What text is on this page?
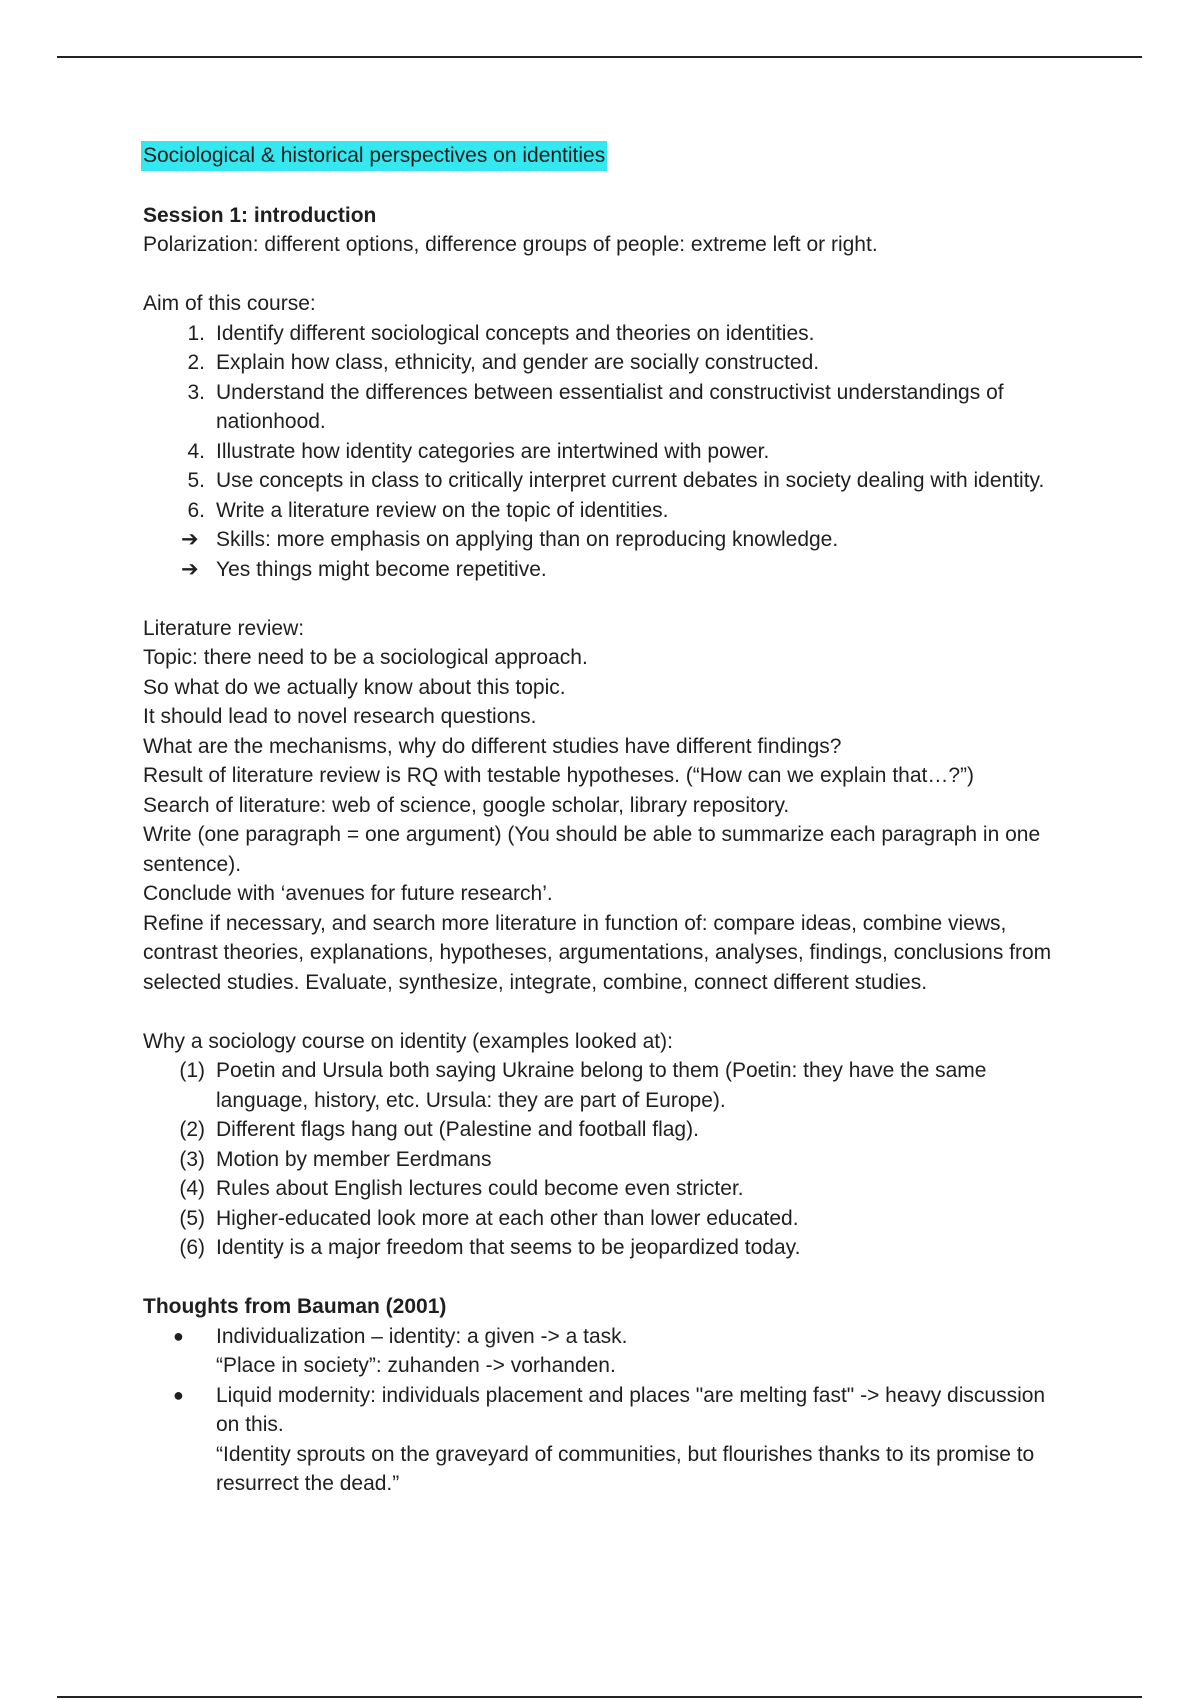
Sociological & historical perspectives on identities
Session 1: introduction
Polarization: different options, difference groups of people: extreme left or right.
Aim of this course:
1. Identify different sociological concepts and theories on identities.
2. Explain how class, ethnicity, and gender are socially constructed.
3. Understand the differences between essentialist and constructivist understandings of nationhood.
4. Illustrate how identity categories are intertwined with power.
5. Use concepts in class to critically interpret current debates in society dealing with identity.
6. Write a literature review on the topic of identities.
➔ Skills: more emphasis on applying than on reproducing knowledge.
➔ Yes things might become repetitive.
Literature review:
Topic: there need to be a sociological approach.
So what do we actually know about this topic.
It should lead to novel research questions.
What are the mechanisms, why do different studies have different findings?
Result of literature review is RQ with testable hypotheses. (“How can we explain that…?”)
Search of literature: web of science, google scholar, library repository.
Write (one paragraph = one argument) (You should be able to summarize each paragraph in one sentence).
Conclude with ‘avenues for future research’.
Refine if necessary, and search more literature in function of: compare ideas, combine views, contrast theories, explanations, hypotheses, argumentations, analyses, findings, conclusions from selected studies. Evaluate, synthesize, integrate, combine, connect different studies.
Why a sociology course on identity (examples looked at):
(1) Poetin and Ursula both saying Ukraine belong to them (Poetin: they have the same language, history, etc. Ursula: they are part of Europe).
(2) Different flags hang out (Palestine and football flag).
(3) Motion by member Eerdmans
(4) Rules about English lectures could become even stricter.
(5) Higher-educated look more at each other than lower educated.
(6) Identity is a major freedom that seems to be jeopardized today.
Thoughts from Bauman (2001)
● Individualization – identity: a given -> a task.
“Place in society”: zuhanden -> vorhanden.
● Liquid modernity: individuals placement and places "are melting fast" -> heavy discussion on this.
“Identity sprouts on the graveyard of communities, but flourishes thanks to its promise to resurrect the dead.”
